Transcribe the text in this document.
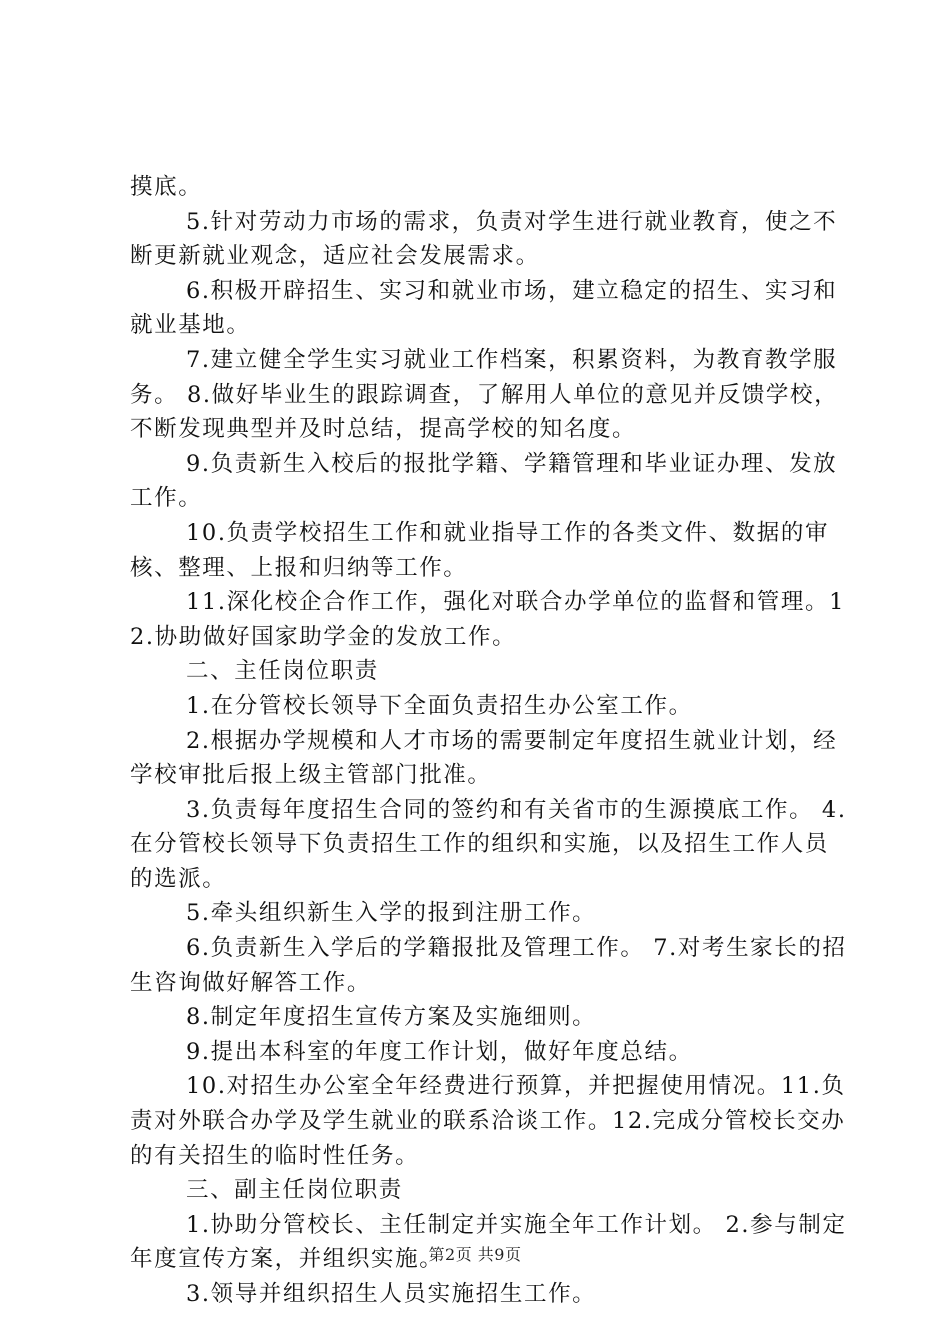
摸底。

5.针对劳动力市场的需求，负责对学生进行就业教育，使之不断更新就业观念，适应社会发展需求。

6.积极开辟招生、实习和就业市场，建立稳定的招生、实习和就业基地。

7.建立健全学生实习就业工作档案，积累资料，为教育教学服务。 8.做好毕业生的跟踪调查，了解用人单位的意见并反馈学校，不断发现典型并及时总结，提高学校的知名度。

9.负责新生入校后的报批学籍、学籍管理和毕业证办理、发放工作。

10.负责学校招生工作和就业指导工作的各类文件、数据的审核、整理、上报和归纳等工作。

11.深化校企合作工作，强化对联合办学单位的监督和管理。12.协助做好国家助学金的发放工作。

二、主任岗位职责

1.在分管校长领导下全面负责招生办公室工作。

2.根据办学规模和人才市场的需要制定年度招生就业计划，经学校审批后报上级主管部门批准。

3.负责每年度招生合同的签约和有关省市的生源摸底工作。 4.在分管校长领导下负责招生工作的组织和实施，以及招生工作人员的选派。

5.牵头组织新生入学的报到注册工作。

6.负责新生入学后的学籍报批及管理工作。 7.对考生家长的招生咨询做好解答工作。

8.制定年度招生宣传方案及实施细则。

9.提出本科室的年度工作计划，做好年度总结。

10.对招生办公室全年经费进行预算，并把握使用情况。11.负责对外联合办学及学生就业的联系洽谈工作。12.完成分管校长交办的有关招生的临时性任务。

三、副主任岗位职责

1.协助分管校长、主任制定并实施全年工作计划。 2.参与制定年度宣传方案，并组织实施。

3.领导并组织招生人员实施招生工作。

第2页 共9页
